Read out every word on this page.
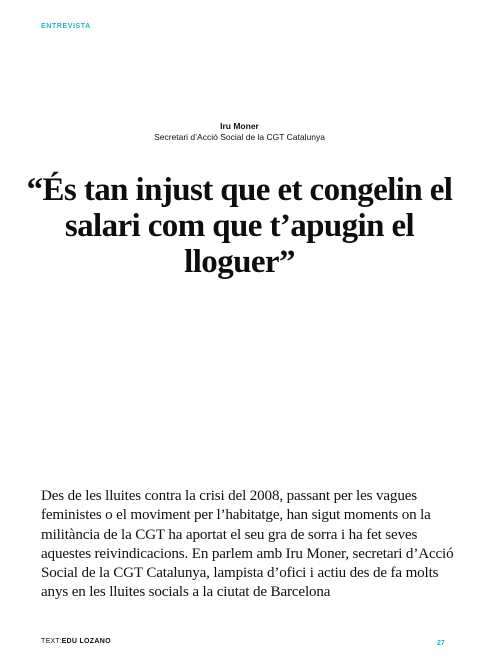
ENTREVISTA
Iru Moner
Secretari d’Acció Social de la CGT Catalunya
“És tan injust que et congelin el salari com que t’apugin el lloguer”

Des de les lluites contra la crisi del 2008, passant per les vagues feministes o el moviment per l’habitatge, han sigut moments on la militància de la CGT ha aportat el seu gra de sorra i ha fet seves aquestes reivindicacions. En parlem amb Iru Moner, secretari d’Acció Social de la CGT Catalunya, lampista d’ofici i actiu des de fa molts anys en les lluites socials a la ciutat de Barcelona

TEXT:EDU LOZANO	27
